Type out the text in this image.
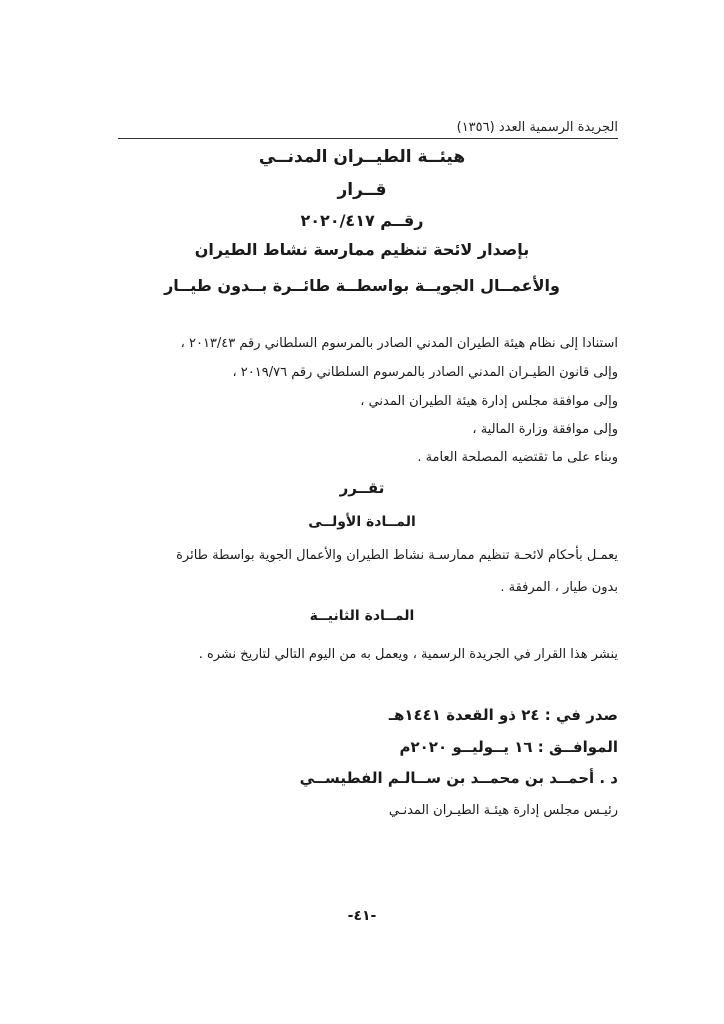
الجريدة الرسمية العدد (١٣٥٦)
هيئــة الطيــران المدنــي
قــرار
رقــم ٢٠٢٠/٤١٧
بإصدار لائحة تنظيم ممارسة نشاط الطيران
والأعمــال الجويــة بواسطــة طائــرة بــدون طيــار
استنادا إلى نظام هيئة الطيران المدني الصادر بالمرسوم السلطاني رقم ٢٠١٣/٤٣ ،
وإلى قانون الطيـران المدني الصادر بالمرسوم السلطاني رقم ٢٠١٩/٧٦ ،
وإلى موافقة مجلس إدارة هيئة الطيران المدني ،
وإلى موافقة وزارة المالية ،
وبناء على ما تقتضيه المصلحة العامة .
تقــرر
المــادة الأولــى
يعمـل بأحكام لائحـة تنظيم ممارسـة نشاط الطيران والأعمال الجوية بواسطة طائرة
بدون طيار ، المرفقة .
المــادة الثانيــة
ينشر هذا القرار في الجريدة الرسمية ، ويعمل به من اليوم التالي لتاريخ نشره .
صدر في : ٢٤ ذو القعدة ١٤٤١هـ
الموافــق : ١٦ يــوليــو ٢٠٢٠م
د . أحمــد بن محمــد بن ســالـم الفطيســي
رئيـس مجلس إدارة هيئـة الطيـران المدنـي
-٤١-
